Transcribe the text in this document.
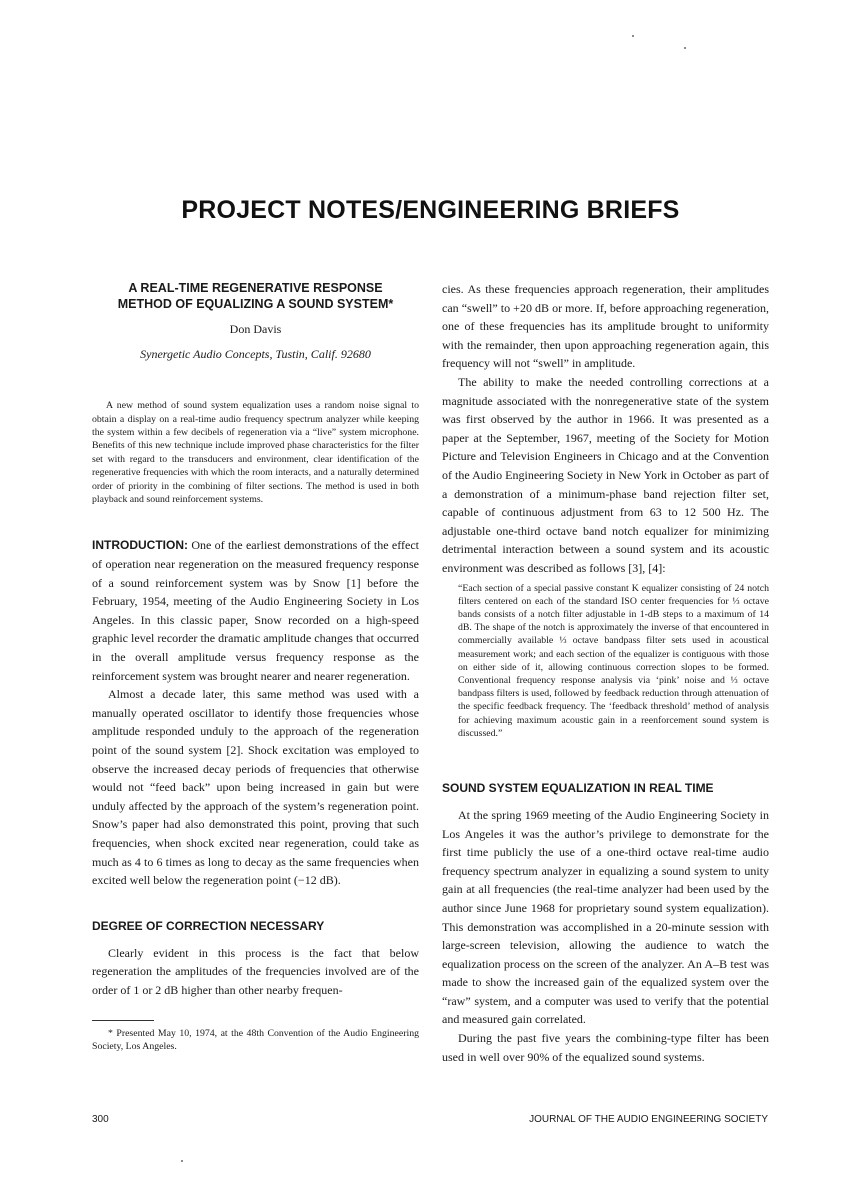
PROJECT NOTES/ENGINEERING BRIEFS

A REAL-TIME REGENERATIVE RESPONSE

METHOD OF EQUALIZING A SOUND SYSTEM*

Don Davis
Synergetic Audio Concepts, Tustin, Calif. 92680

A new method of sound system equalization uses a random noise signal to obtain a display on a real-time audio frequency spectrum analyzer while keeping the system within a few decibels of regeneration via a “live” system microphone. Benefits of this new technique include improved phase characteristics for the filter set with regard to the transducers and environment, clear identification of the regenerative frequencies with which the room interacts, and a naturally determined order of priority in the combining of filter sections. The method is used in both playback and sound reinforcement systems.

INTRODUCTION: One of the earliest demonstrations of the effect of operation near regeneration on the measured frequency response of a sound reinforcement system was by Snow [1] before the February, 1954, meeting of the Audio Engineering Society in Los Angeles. In this classic paper, Snow recorded on a high-speed graphic level recorder the dramatic amplitude changes that occurred in the overall amplitude versus frequency response as the reinforcement system was brought nearer and nearer regeneration.

Almost a decade later, this same method was used with a manually operated oscillator to identify those frequencies whose amplitude responded unduly to the approach of the regeneration point of the sound system [2]. Shock excitation was employed to observe the increased decay periods of frequencies that otherwise would not “feed back” upon being increased in gain but were unduly affected by the approach of the system’s regeneration point. Snow’s paper had also demonstrated this point, proving that such frequencies, when shock excited near regeneration, could take as much as 4 to 6 times as long to decay as the same frequencies when excited well below the regeneration point (−12 dB).

DEGREE OF CORRECTION NECESSARY

Clearly evident in this process is the fact that below regeneration the amplitudes of the frequencies involved are of the order of 1 or 2 dB higher than other nearby frequen-

* Presented May 10, 1974, at the 48th Convention of the Audio Engineering Society, Los Angeles.

cies. As these frequencies approach regeneration, their amplitudes can “swell” to +20 dB or more. If, before approaching regeneration, one of these frequencies has its amplitude brought to uniformity with the remainder, then upon approaching regeneration again, this frequency will not “swell” in amplitude.

The ability to make the needed controlling corrections at a magnitude associated with the nonregenerative state of the system was first observed by the author in 1966. It was presented as a paper at the September, 1967, meeting of the Society for Motion Picture and Television Engineers in Chicago and at the Convention of the Audio Engineering Society in New York in October as part of a demonstration of a minimum-phase band rejection filter set, capable of continuous adjustment from 63 to 12 500 Hz. The adjustable one-third octave band notch equalizer for minimizing detrimental interaction between a sound system and its acoustic environment was described as follows [3], [4]:

“Each section of a special passive constant K equalizer consisting of 24 notch filters centered on each of the standard ISO center frequencies for ⅓ octave bands consists of a notch filter adjustable in 1-dB steps to a maximum of 14 dB. The shape of the notch is approximately the inverse of that encountered in commercially available ⅓ octave bandpass filter sets used in acoustical measurement work; and each section of the equalizer is contiguous with those on either side of it, allowing continuous correction slopes to be formed. Conventional frequency response analysis via ‘pink’ noise and ⅓ octave bandpass filters is used, followed by feedback reduction through attenuation of the specific feedback frequency. The ‘feedback threshold’ method of analysis for achieving maximum acoustic gain in a reenforcement sound system is discussed.”

SOUND SYSTEM EQUALIZATION IN REAL TIME

At the spring 1969 meeting of the Audio Engineering Society in Los Angeles it was the author’s privilege to demonstrate for the first time publicly the use of a one-third octave real-time audio frequency spectrum analyzer in equalizing a sound system to unity gain at all frequencies (the real-time analyzer had been used by the author since June 1968 for proprietary sound system equalization). This demonstration was accomplished in a 20-minute session with large-screen television, allowing the audience to watch the equalization process on the screen of the analyzer. An A–B test was made to show the increased gain of the equalized system over the “raw” system, and a computer was used to verify that the potential and measured gain correlated.

During the past five years the combining-type filter has been used in well over 90% of the equalized sound systems.

300	JOURNAL OF THE AUDIO ENGINEERING SOCIETY
